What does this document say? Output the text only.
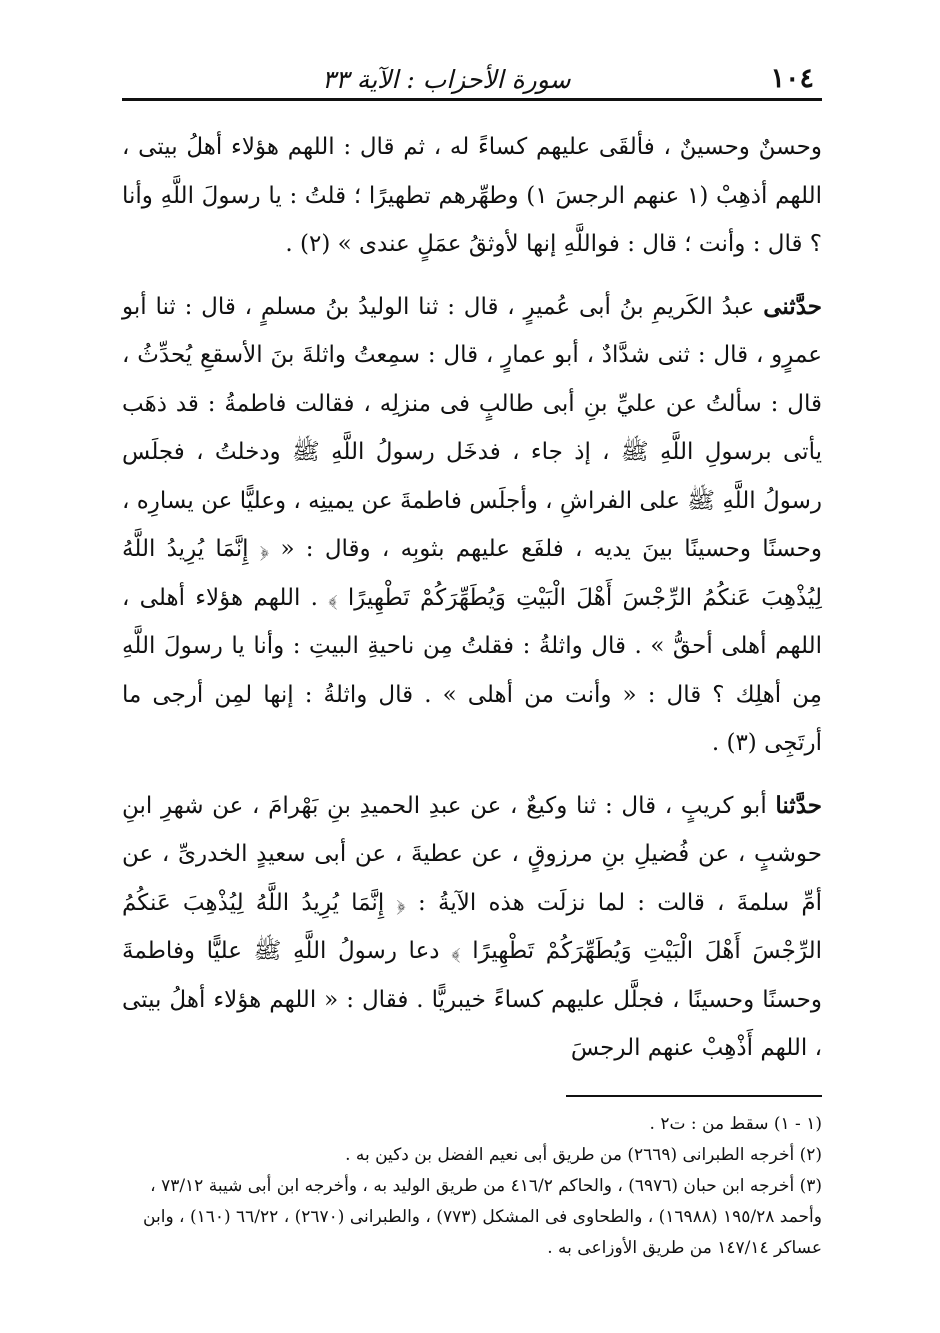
١٠٤
سورة الأحزاب : الآية ٣٣

وحسنٌ وحسينٌ ، فألقَى عليهم كساءً له ، ثم قال : اللهم هؤلاء أهلُ بيتى ، اللهم أذهِبْ (١ عنهم الرجسَ ١) وطهِّرهم تطهيرًا ؛ قلتُ : يا رسولَ اللَّهِ وأنا ؟ قال : وأنت ؛ قال : فواللَّهِ إنها لأوثقُ عمَلٍ عندى » (٢) .

حدَّثنى عبدُ الكَريمِ بنُ أبى عُميرٍ ، قال : ثنا الوليدُ بنُ مسلمٍ ، قال : ثنا أبو عمرٍو ، قال : ثنى شدَّادٌ ، أبو عمارٍ ، قال : سمِعتُ واثلةَ بنَ الأسقعِ يُحدِّثُ ، قال : سألتُ عن عليِّ بنِ أبى طالبٍ فى منزلِه ، فقالت فاطمةُ : قد ذهَب يأتى برسولِ اللَّهِ ﷺ ، إذ جاء ، فدخَل رسولُ اللَّهِ ﷺ ودخلتُ ، فجلَس رسولُ اللَّهِ ﷺ على الفراشِ ، وأجلَس فاطمةَ عن يمينِه ، وعليًّا عن يسارِه ، وحسنًا وحسينًا بينَ يديه ، فلفَع عليهم بثوبِه ، وقال : « ﴿ إِنَّمَا يُرِيدُ اللَّهُ لِيُذْهِبَ عَنكُمُ الرِّجْسَ أَهْلَ الْبَيْتِ وَيُطَهِّرَكُمْ تَطْهِيرًا ﴾ . اللهم هؤلاء أهلى ، اللهم أهلى أحقُّ » . قال واثلةُ : فقلتُ مِن ناحيةِ البيتِ : وأنا يا رسولَ اللَّهِ مِن أهلِك ؟ قال : « وأنت من أهلى » . قال واثلةُ : إنها لمِن أرجى ما أرتَجِى (٣) .

حدَّثنا أبو كريبٍ ، قال : ثنا وكيعٌ ، عن عبدِ الحميدِ بنِ بَهْرامَ ، عن شهرِ ابنِ حوشبٍ ، عن فُضيلِ بنِ مرزوقٍ ، عن عطيةَ ، عن أبى سعيدٍ الخدرىِّ ، عن أمِّ سلمةَ ، قالت : لما نزلَت هذه الآيةُ : ﴿ إِنَّمَا يُرِيدُ اللَّهُ لِيُذْهِبَ عَنكُمُ الرِّجْسَ أَهْلَ الْبَيْتِ وَيُطَهِّرَكُمْ تَطْهِيرًا ﴾ دعا رسولُ اللَّهِ ﷺ عليًّا وفاطمةَ وحسنًا وحسينًا ، فجلَّل عليهم كساءً خيبريًّا . فقال : « اللهم هؤلاء أهلُ بيتى ، اللهم أَذْهِبْ عنهم الرجسَ

(١ - ١) سقط من : ت٢ .

(٢) أخرجه الطبرانى (٢٦٦٩) من طريق أبى نعيم الفضل بن دكين به .

(٣) أخرجه ابن حبان (٦٩٧٦) ، والحاكم ٤١٦/٢ من طريق الوليد به ، وأخرجه ابن أبى شيبة ٧٣/١٢ ، وأحمد ١٩٥/٢٨ (١٦٩٨٨) ، والطحاوى فى المشكل (٧٧٣) ، والطبرانى (٢٦٧٠) ، ٦٦/٢٢ (١٦٠) ، وابن عساكر ١٤٧/١٤ من طريق الأوزاعى به .
